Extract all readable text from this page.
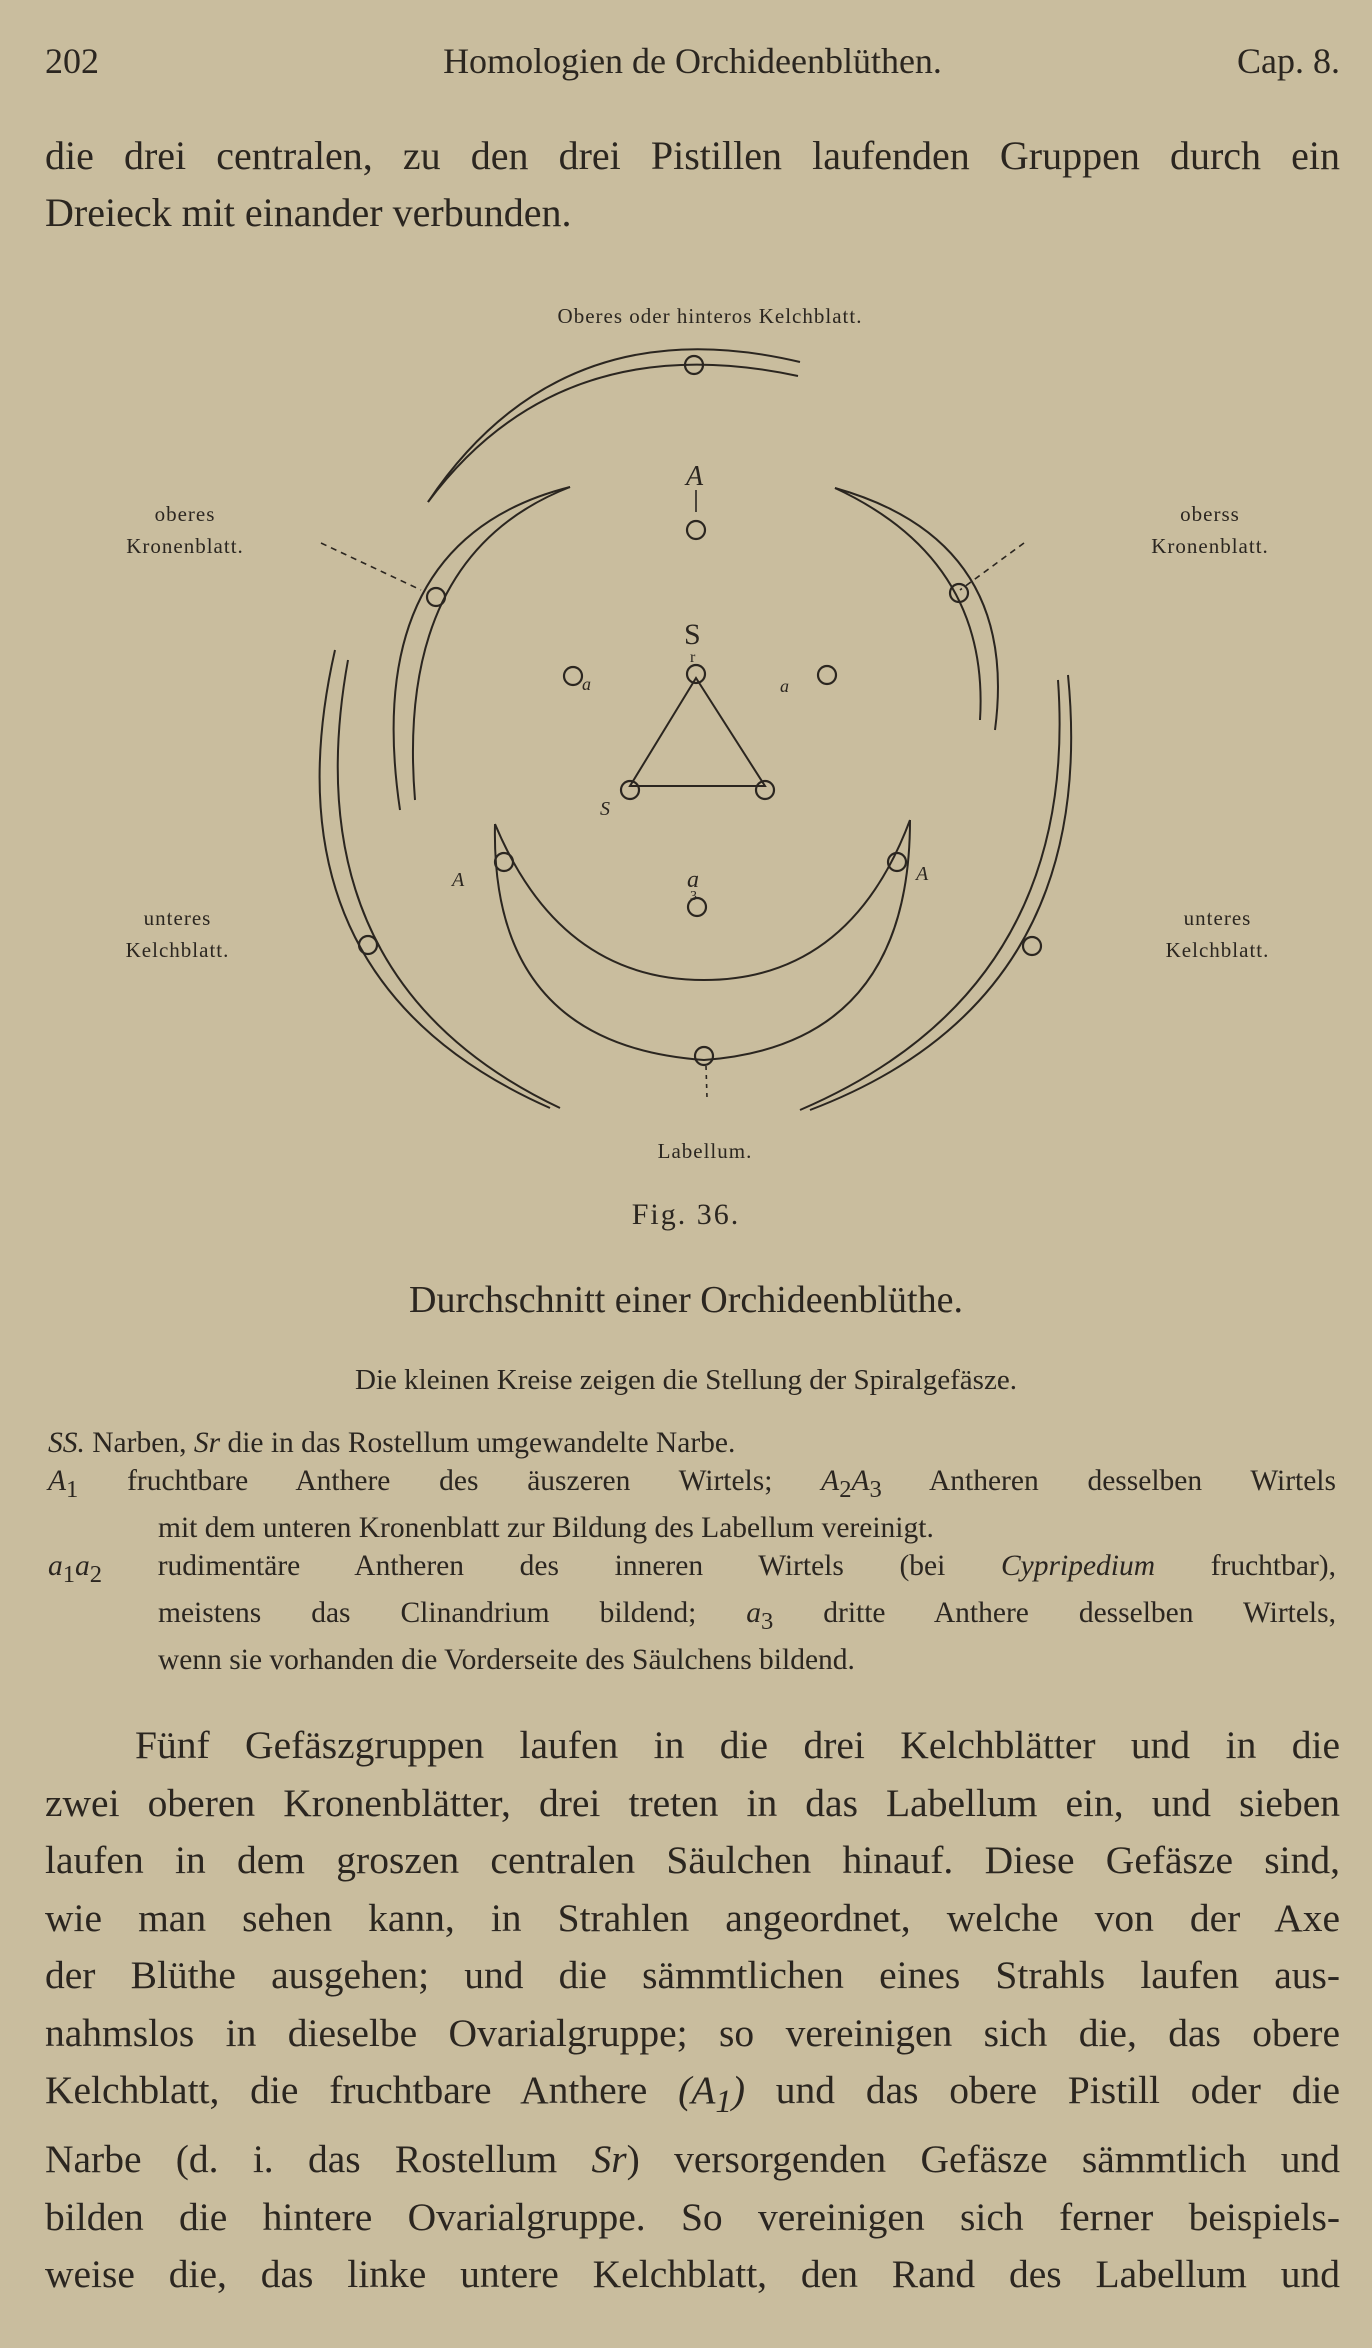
202	Homologien de Orchideenblüthen.	Cap. 8.
die drei centralen, zu den drei Pistillen laufenden Gruppen durch ein
Dreieck mit einander verbunden.
A
S
r
a
3
S
a	a
A	A
Oberes oder hinteros Kelchblatt.
oberes
Kronenblatt.
oberss
Kronenblatt.
unteres
Kelchblatt.
unteres
Kelchblatt.
Labellum.
Fig. 36.
Durchschnitt einer Orchideenblüthe.
Die kleinen Kreise zeigen die Stellung der Spiralgefäsze.
SS. Narben, Sr die in das Rostellum umgewandelte Narbe.
$A_1$ fruchtbare Anthere des äuszeren Wirtels; $A_2A_3$ Antheren desselben Wirtels
mit dem unteren Kronenblatt zur Bildung des Labellum vereinigt.
$a_1a_2$ rudimentäre Antheren des inneren Wirtels (bei Cypripedium fruchtbar),
meistens das Clinandrium bildend; $a_3$ dritte Anthere desselben Wirtels,
wenn sie vorhanden die Vorderseite des Säulchens bildend.
Fünf Gefäszgruppen laufen in die drei Kelchblätter und in die
zwei oberen Kronenblätter, drei treten in das Labellum ein, und sieben
laufen in dem groszen centralen Säulchen hinauf. Diese Gefäsze sind,
wie man sehen kann, in Strahlen angeordnet, welche von der Axe
der Blüthe ausgehen; und die sämmtlichen eines Strahls laufen aus-
nahmslos in dieselbe Ovarialgruppe; so vereinigen sich die, das obere
Kelchblatt, die fruchtbare Anthere $(A_1)$ und das obere Pistill oder die
Narbe (d. i. das Rostellum Sr) versorgenden Gefäsze sämmtlich und
bilden die hintere Ovarialgruppe. So vereinigen sich ferner beispiels-
weise die, das linke untere Kelchblatt, den Rand des Labellum und
